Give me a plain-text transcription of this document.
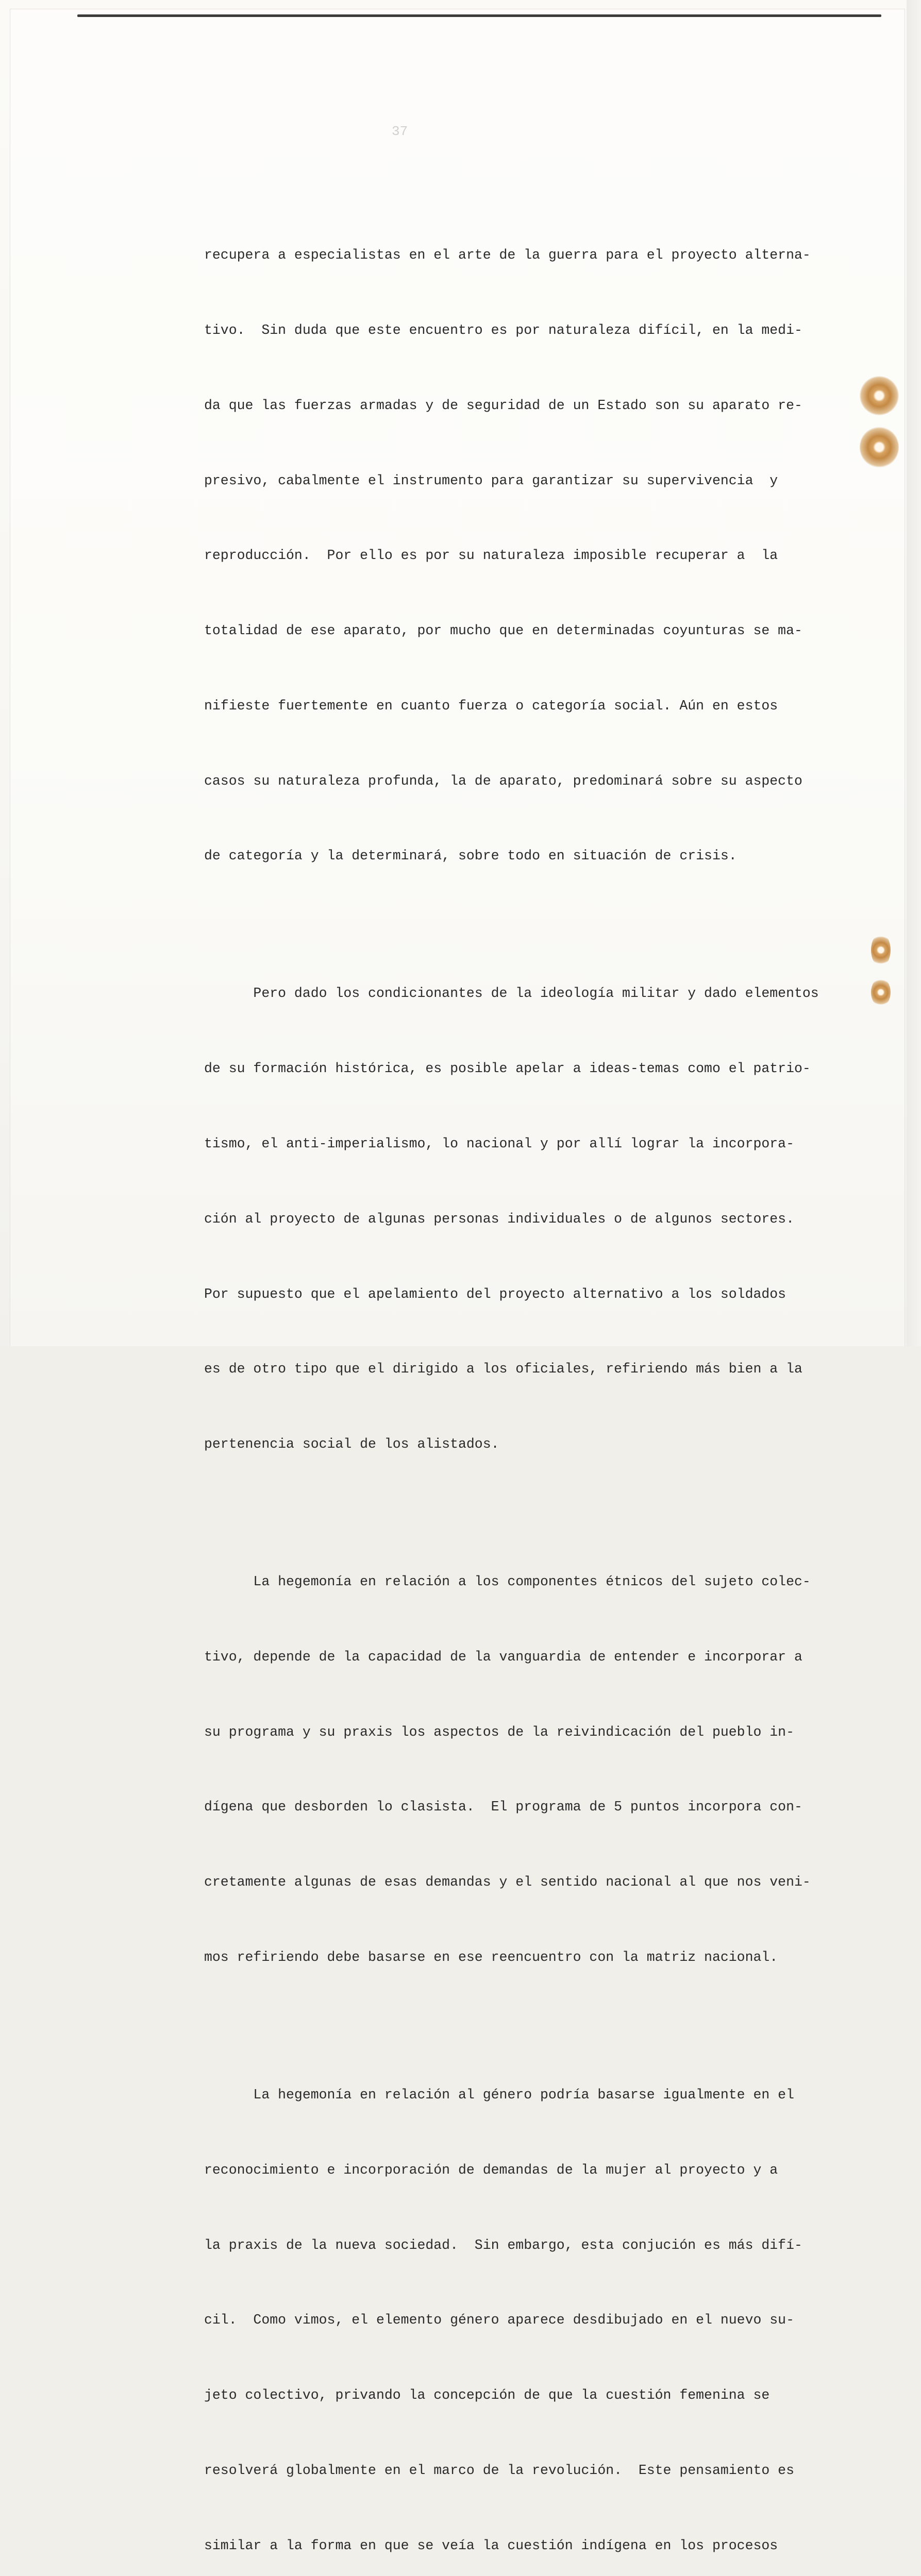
37

recupera a especialistas en el arte de la guerra para el proyecto alterna-

tivo.  Sin duda que este encuentro es por naturaleza difícil, en la medi-

da que las fuerzas armadas y de seguridad de un Estado son su aparato re-

presivo, cabalmente el instrumento para garantizar su supervivencia  y

reproducción.  Por ello es por su naturaleza imposible recuperar a  la

totalidad de ese aparato, por mucho que en determinadas coyunturas se ma-

nifieste fuertemente en cuanto fuerza o categoría social. Aún en estos

casos su naturaleza profunda, la de aparato, predominará sobre su aspecto

de categoría y la determinará, sobre todo en situación de crisis.

Pero dado los condicionantes de la ideología militar y dado elementos

de su formación histórica, es posible apelar a ideas-temas como el patrio-

tismo, el anti-imperialismo, lo nacional y por allí lograr la incorpora-

ción al proyecto de algunas personas individuales o de algunos sectores.

Por supuesto que el apelamiento del proyecto alternativo a los soldados

es de otro tipo que el dirigido a los oficiales, refiriendo más bien a la

pertenencia social de los alistados.

La hegemonía en relación a los componentes étnicos del sujeto colec-

tivo, depende de la capacidad de la vanguardia de entender e incorporar a

su programa y su praxis los aspectos de la reivindicación del pueblo in-

dígena que desborden lo clasista.  El programa de 5 puntos incorpora con-

cretamente algunas de esas demandas y el sentido nacional al que nos veni-

mos refiriendo debe basarse en ese reencuentro con la matriz nacional.

La hegemonía en relación al género podría basarse igualmente en el

reconocimiento e incorporación de demandas de la mujer al proyecto y a

la praxis de la nueva sociedad.  Sin embargo, esta conjución es más difí-

cil.  Como vimos, el elemento género aparece desdibujado en el nuevo su-

jeto colectivo, privando la concepción de que la cuestión femenina se

resolverá globalmente en el marco de la revolución.  Este pensamiento es

similar a la forma en que se veía la cuestión indígena en los procesos
